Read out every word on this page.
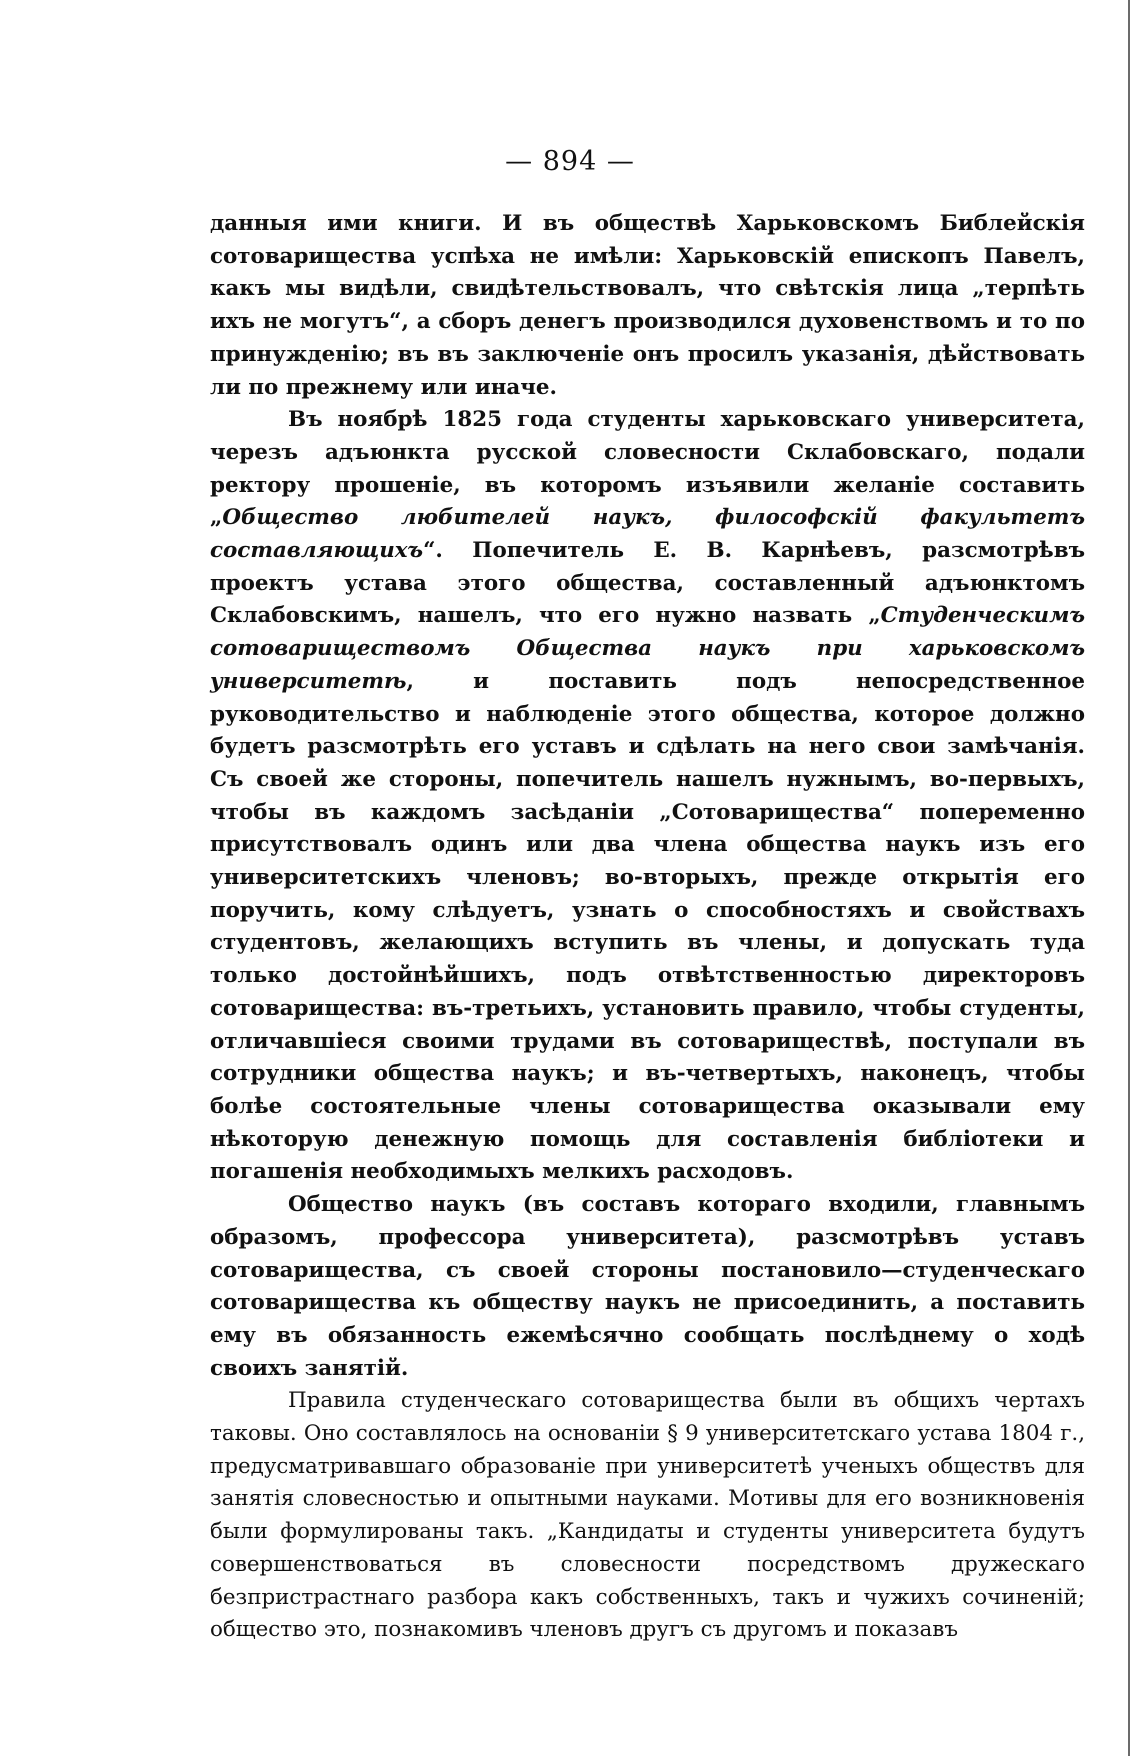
— 894 —

данныя ими книги. И въ обществѣ Харьковскомъ Библейскія сотоварищества успѣха не имѣли: Харьковскій епископъ Павелъ, какъ мы видѣли, свидѣтельствовалъ, что свѣтскія лица „терпѣть ихъ не могутъ“, а сборъ денегъ производился духовенствомъ и то по принужденію; въ въ заключеніе онъ просилъ указанія, дѣйствовать ли по прежнему или иначе.

Въ ноябрѣ 1825 года студенты харьковскаго университета, черезъ адъюнкта русской словесности Склабовскаго, подали ректору прошеніе, въ которомъ изъявили желаніе составить „Общество любителей наукъ, философскій факультетъ составляющихъ“. Попечитель Е. В. Карнѣевъ, разсмотрѣвъ проектъ устава этого общества, составленный адъюнктомъ Склабовскимъ, нашелъ, что его нужно назвать „Студенческимъ сотовариществомъ Общества наукъ при харьковскомъ университетѣ, и поставить подъ непосредственное руководительство и наблюденіе этого общества, которое должно будетъ разсмотрѣть его уставъ и сдѣлать на него свои замѣчанія. Съ своей же стороны, попечитель нашелъ нужнымъ, во-первыхъ, чтобы въ каждомъ засѣданіи „Сотоварищества“ попеременно присутствовалъ одинъ или два члена общества наукъ изъ его университетскихъ членовъ; во-вторыхъ, прежде открытія его поручить, кому слѣдуетъ, узнать о способностяхъ и свойствахъ студентовъ, желающихъ вступить въ члены, и допускать туда только достойнѣйшихъ, подъ отвѣтственностью директоровъ сотоварищества: въ-третьихъ, установить правило, чтобы студенты, отличавшіеся своими трудами въ сотовариществѣ, поступали въ сотрудники общества наукъ; и въ-четвертыхъ, наконецъ, чтобы болѣе состоятельные члены сотоварищества оказывали ему нѣкоторую денежную помощь для составленія библіотеки и погашенія необходимыхъ мелкихъ расходовъ.

Общество наукъ (въ составъ котораго входили, главнымъ образомъ, профессора университета), разсмотрѣвъ уставъ сотоварищества, съ своей стороны постановило—студенческаго сотоварищества къ обществу наукъ не присоединить, а поставить ему въ обязанность ежемѣсячно сообщать послѣднему о ходѣ своихъ занятій.

Правила студенческаго сотоварищества были въ общихъ чертахъ таковы. Оно составлялось на основаніи § 9 университетскаго устава 1804 г., предусматривавшаго образованіе при университетѣ ученыхъ обществъ для занятія словесностью и опытными науками. Мотивы для его возникновенія были формулированы такъ. „Кандидаты и студенты университета будутъ совершенствоваться въ словесности посредствомъ дружескаго безпристрастнаго разбора какъ собственныхъ, такъ и чужихъ сочиненій; общество это, познакомивъ членовъ другъ съ другомъ и показавъ
